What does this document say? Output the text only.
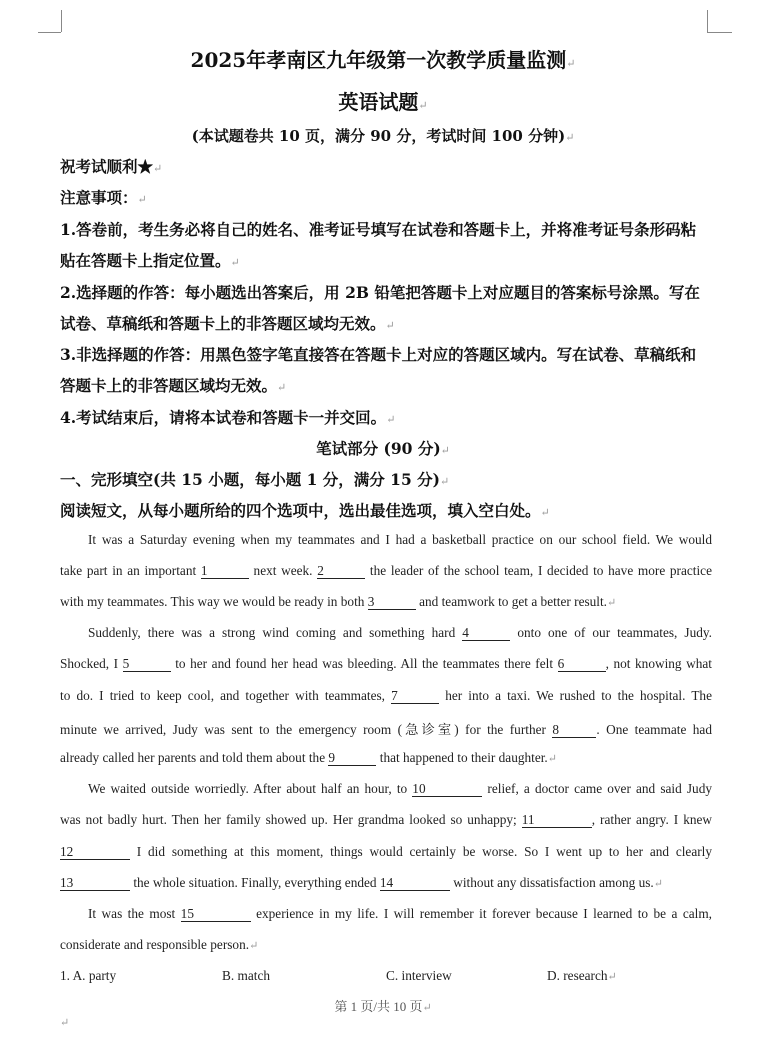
2025年孝南区九年级第一次教学质量监测↵
英语试题↵
(本试题卷共 10 页，满分 90 分，考试时间 100 分钟)↵
祝考试顺利★↵
注意事项：↵
1.答卷前，考生务必将自己的姓名、准考证号填写在试卷和答题卡上，并将准考证号条形码粘
贴在答题卡上指定位置。↵
2.选择题的作答：每小题选出答案后，用 2B 铅笔把答题卡上对应题目的答案标号涂黑。写在
试卷、草稿纸和答题卡上的非答题区域均无效。↵
3.非选择题的作答：用黑色签字笔直接答在答题卡上对应的答题区域内。写在试卷、草稿纸和
答题卡上的非答题区域均无效。↵
4.考试结束后，请将本试卷和答题卡一并交回。↵
笔试部分 (90 分)↵
一、完形填空(共 15 小题，每小题 1 分，满分 15 分)↵
阅读短文，从每小题所给的四个选项中，选出最佳选项，填入空白处。↵
It was a Saturday evening when my teammates and I had a basketball practice on our school field. We would
take part in an important 1	next week. 2	the leader of the school team, I decided to have more practice
with my teammates. This way we would be ready in both 3	and teamwork to get a better result.↵
Suddenly, there was a strong wind coming and something hard 4	onto one of our teammates, Judy.
Shocked, I 5	to her and found her head was bleeding. All the teammates there felt 6	, not knowing what
to do. I tried to keep cool, and together with teammates, 7	her into a taxi. We rushed to the hospital. The
minute we arrived, Judy was sent to the emergency room (急诊室) for the further 8	. One teammate had
already called her parents and told them about the 9	that happened to their daughter.↵
We waited outside worriedly. After about half an hour, to 10	relief, a doctor came over and said Judy
was not badly hurt. Then her family showed up. Her grandma looked so unhappy; 11	, rather angry. I knew
12	I did something at this moment, things would certainly be worse. So I went up to her and clearly
13	the whole situation. Finally, everything ended 14	without any dissatisfaction among us.↵
It was the most 15	experience in my life. I will remember it forever because I learned to be a calm,
considerate and responsible person.↵
1. A. party	B. match	C. interview	D. research↵
第 1 页/共 10 页↵
↵
